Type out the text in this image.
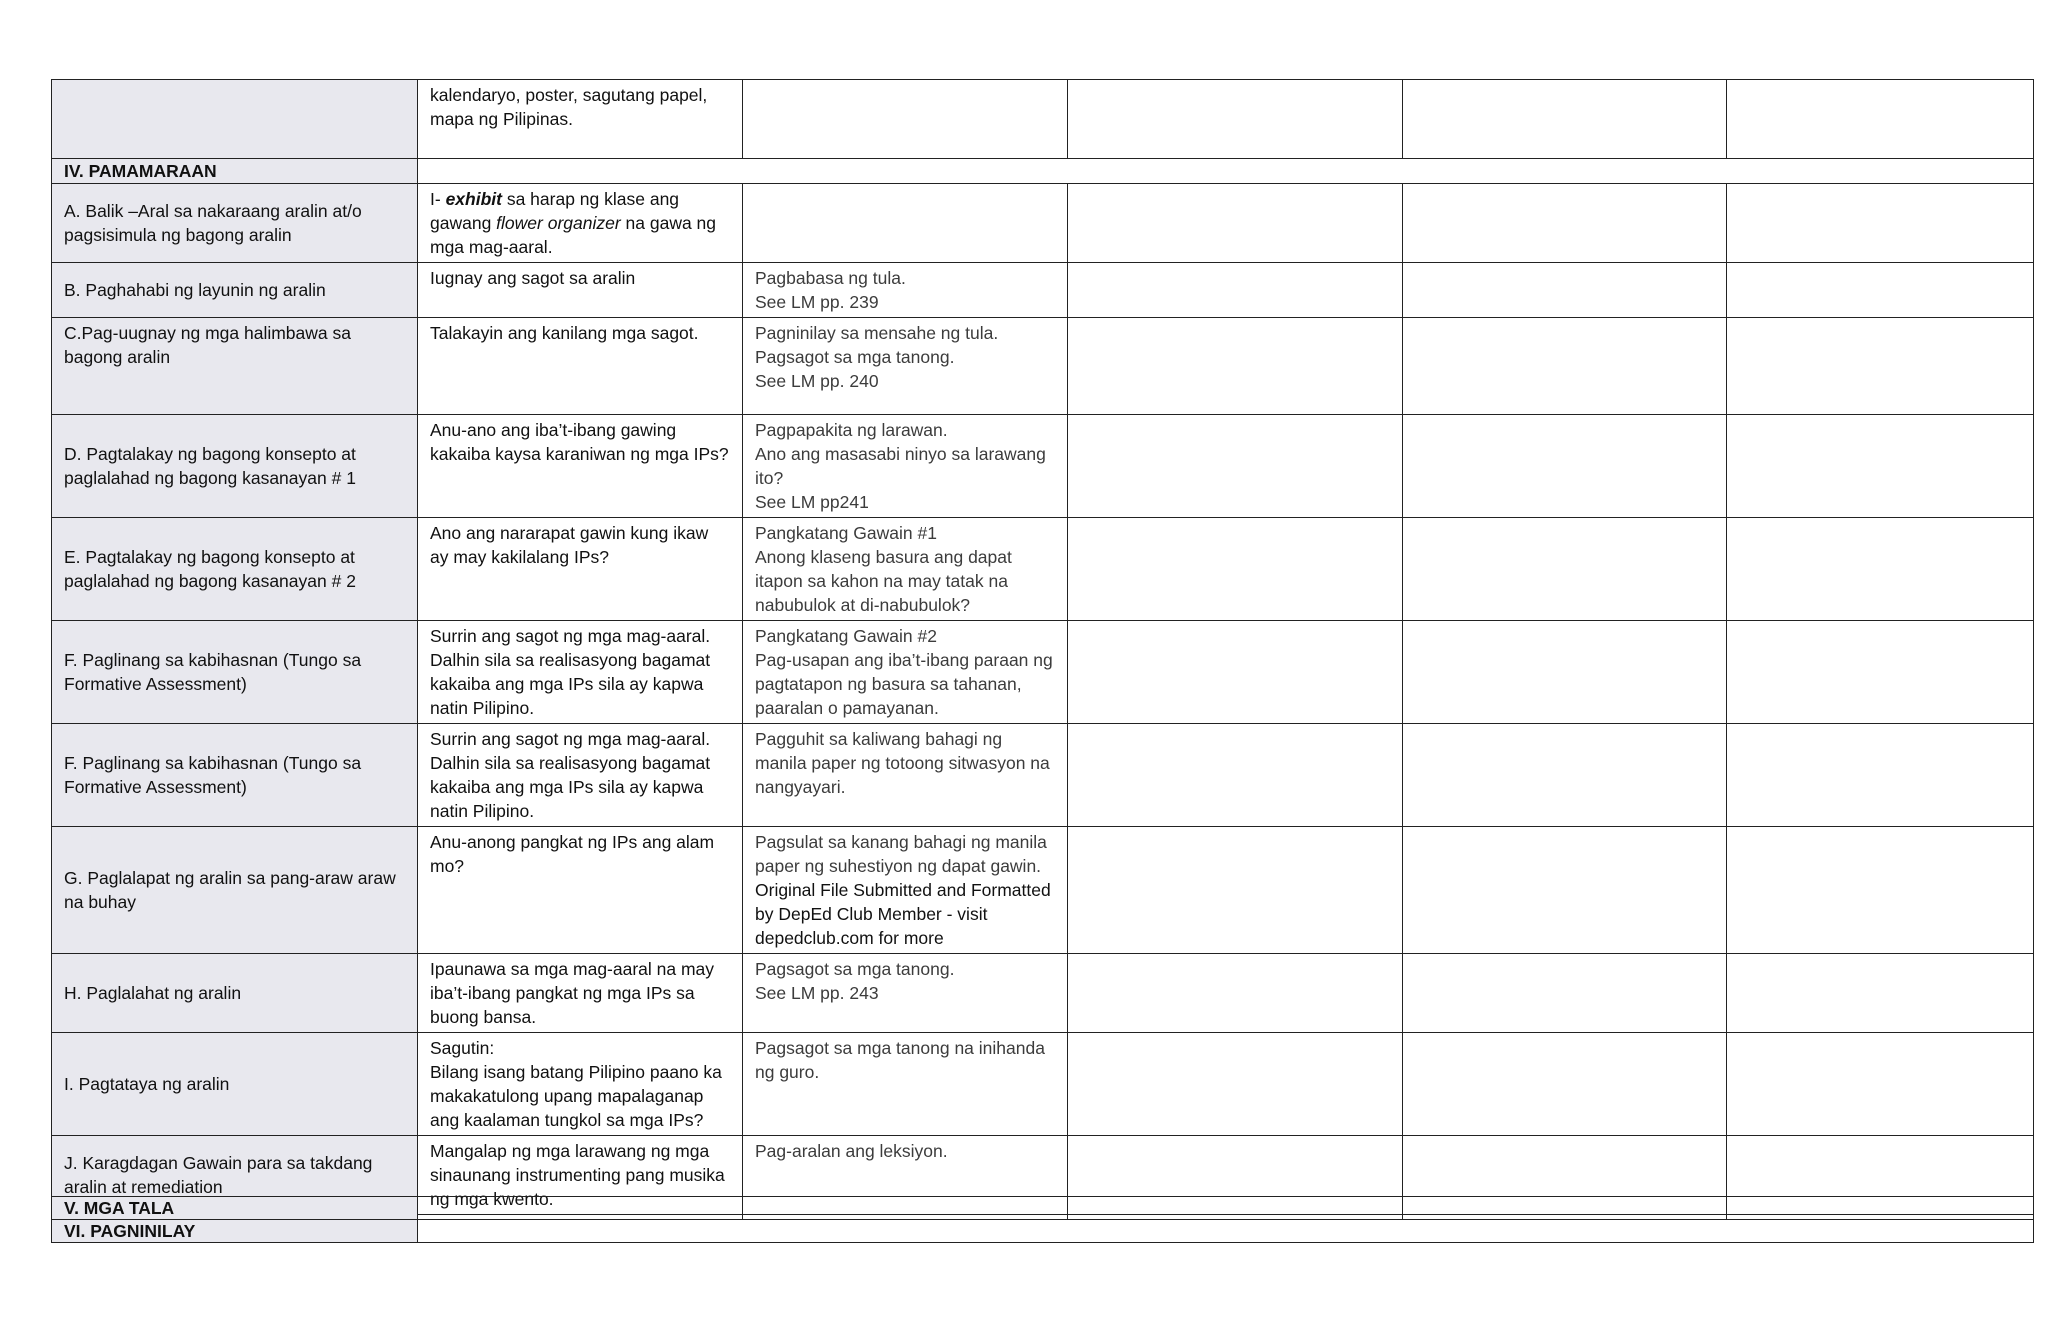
	kalendaryo, poster, sagutang papel,
mapa ng Pilipinas.				
IV. PAMAMARAAN					
A. Balik –Aral sa nakaraang aralin at/o pagsisimula ng bagong aralin	I- exhibit sa harap ng klase ang gawang flower organizer na gawa ng mga mag-aaral.				
B. Paghahabi ng layunin ng aralin	Iugnay ang sagot sa aralin	Pagbabasa ng tula.
See LM pp. 239			
C.Pag-uugnay ng mga halimbawa sa bagong aralin	Talakayin ang kanilang mga sagot.	Pagninilay sa mensahe ng tula.
Pagsagot sa mga tanong.
See LM pp. 240			
D. Pagtalakay ng bagong konsepto at paglalahad ng bagong kasanayan # 1	Anu-ano ang iba’t-ibang gawing kakaiba kaysa karaniwan ng mga IPs?	Pagpapakita ng larawan.
Ano ang masasabi ninyo sa larawang ito?
See LM pp241			
E. Pagtalakay ng bagong konsepto at paglalahad ng bagong kasanayan # 2	Ano ang nararapat gawin kung ikaw ay may kakilalang IPs?	Pangkatang Gawain #1
Anong klaseng basura ang dapat itapon sa kahon na may tatak na nabubulok at di-nabubulok?			
F. Paglinang sa kabihasnan (Tungo sa Formative Assessment)	Surrin ang sagot ng mga mag-aaral. Dalhin sila sa realisasyong bagamat kakaiba ang mga IPs sila ay kapwa natin Pilipino.	Pangkatang Gawain #2
Pag-usapan ang iba’t-ibang paraan ng pagtatapon ng basura sa tahanan, paaralan o pamayanan.			
F. Paglinang sa kabihasnan (Tungo sa Formative Assessment)	Surrin ang sagot ng mga mag-aaral. Dalhin sila sa realisasyong bagamat kakaiba ang mga IPs sila ay kapwa natin Pilipino.	Pagguhit sa kaliwang bahagi ng manila paper ng totoong sitwasyon na nangyayari.			
G. Paglalapat ng aralin sa pang-araw araw na buhay	Anu-anong pangkat ng IPs ang alam mo?	Pagsulat sa kanang bahagi ng manila paper ng suhestiyon ng dapat gawin.
Original File Submitted and Formatted by DepEd Club Member - visit depedclub.com for more			
H. Paglalahat ng aralin	Ipaunawa sa mga mag-aaral na may iba’t-ibang pangkat ng mga IPs sa buong bansa.	Pagsagot sa mga tanong.
See LM pp. 243			
I. Pagtataya ng aralin	Sagutin:
Bilang isang batang Pilipino paano ka makakatulong upang mapalaganap ang kaalaman tungkol sa mga IPs?	Pagsagot sa mga tanong na inihanda ng guro.			
J. Karagdagan Gawain para sa takdang aralin at remediation	Mangalap ng mga larawang ng mga sinaunang instrumenting pang musika ng mga kwento.	Pag-aralan ang leksiyon.			
V. MGA TALA					
VI. PAGNINILAY					
